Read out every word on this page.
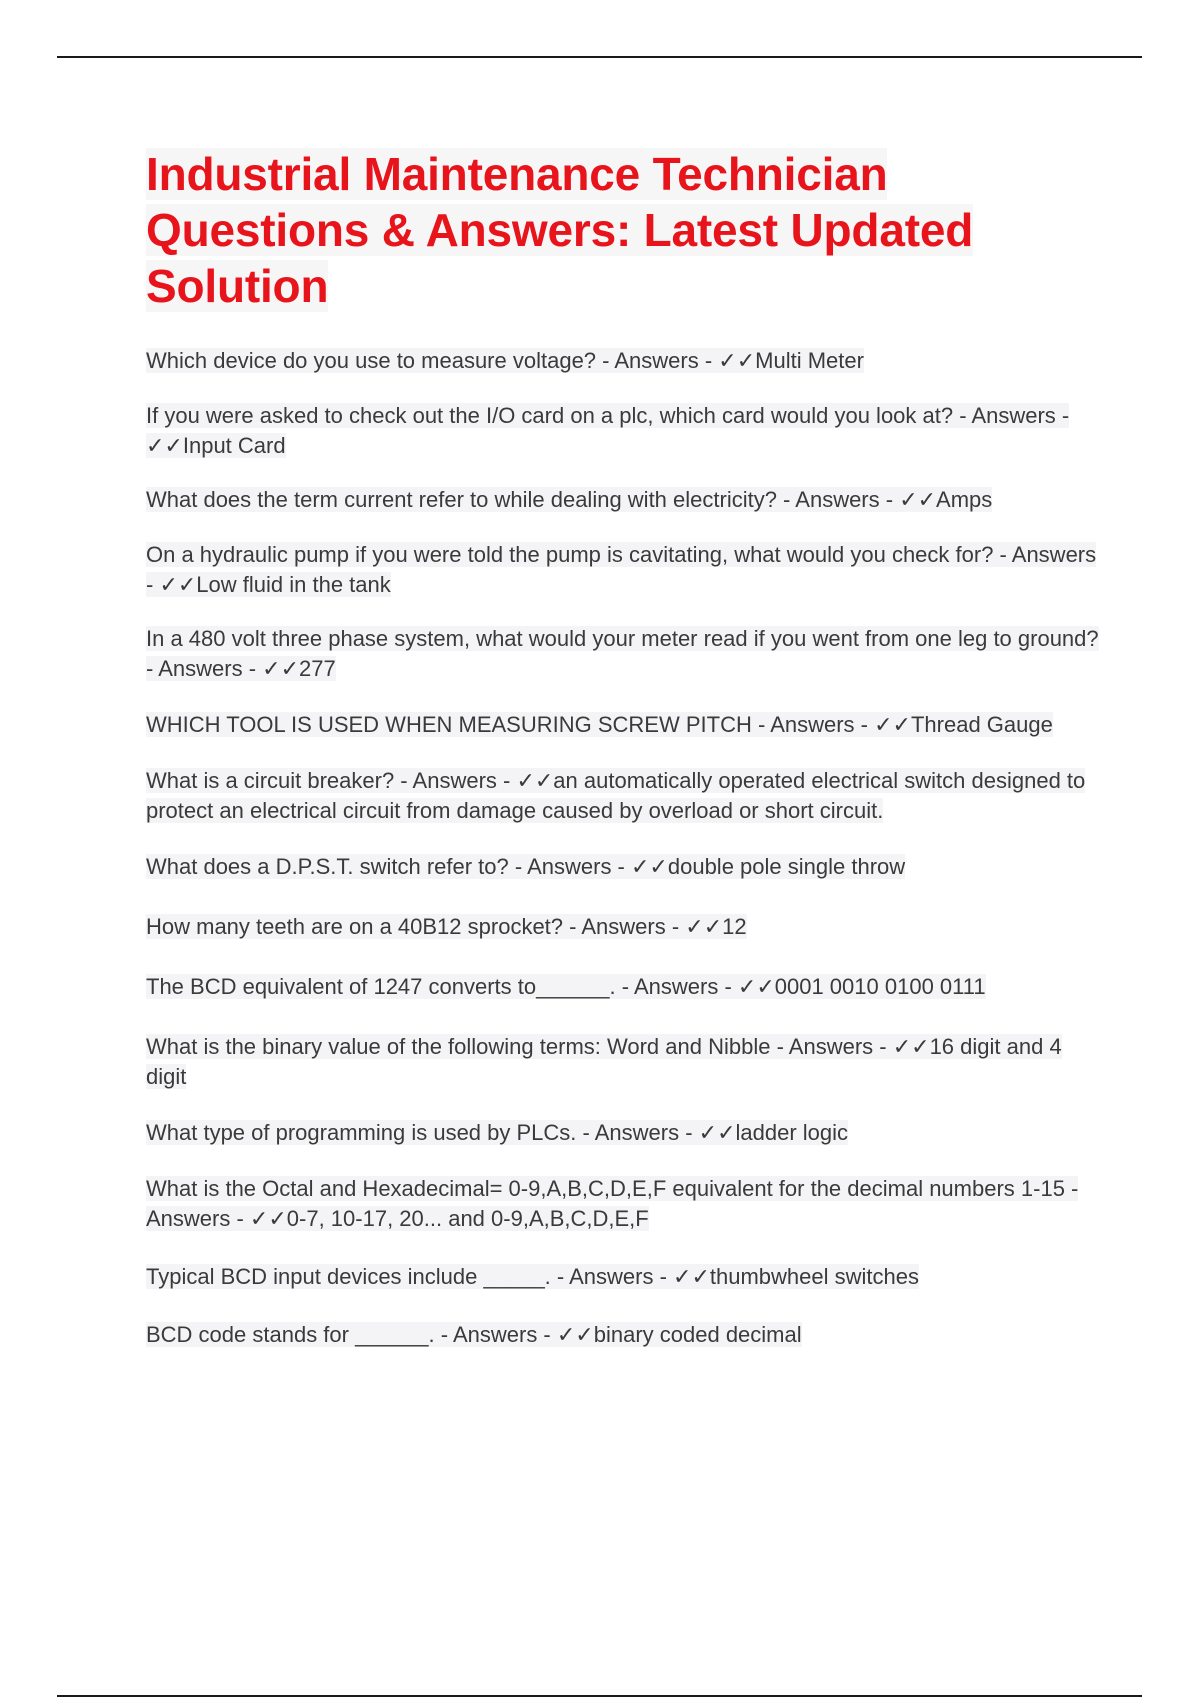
Industrial Maintenance Technician Questions & Answers: Latest Updated Solution
Which device do you use to measure voltage? - Answers - ✓✓Multi Meter
If you were asked to check out the I/O card on a plc, which card would you look at? - Answers - ✓✓Input Card
What does the term current refer to while dealing with electricity? - Answers - ✓✓Amps
On a hydraulic pump if you were told the pump is cavitating, what would you check for? - Answers - ✓✓Low fluid in the tank
In a 480 volt three phase system, what would your meter read if you went from one leg to ground? - Answers - ✓✓277
WHICH TOOL IS USED WHEN MEASURING SCREW PITCH - Answers - ✓✓Thread Gauge
What is a circuit breaker? - Answers - ✓✓an automatically operated electrical switch designed to protect an electrical circuit from damage caused by overload or short circuit.
What does a D.P.S.T. switch refer to? - Answers - ✓✓double pole single throw
How many teeth are on a 40B12 sprocket? - Answers - ✓✓12
The BCD equivalent of 1247 converts to______. - Answers - ✓✓0001 0010 0100 0111
What is the binary value of the following terms: Word and Nibble - Answers - ✓✓16 digit and 4 digit
What type of programming is used by PLCs. - Answers - ✓✓ladder logic
What is the Octal and Hexadecimal= 0-9,A,B,C,D,E,F equivalent for the decimal numbers 1-15 - Answers - ✓✓0-7, 10-17, 20... and 0-9,A,B,C,D,E,F
Typical BCD input devices include _____. - Answers - ✓✓thumbwheel switches
BCD code stands for ______. - Answers - ✓✓binary coded decimal
